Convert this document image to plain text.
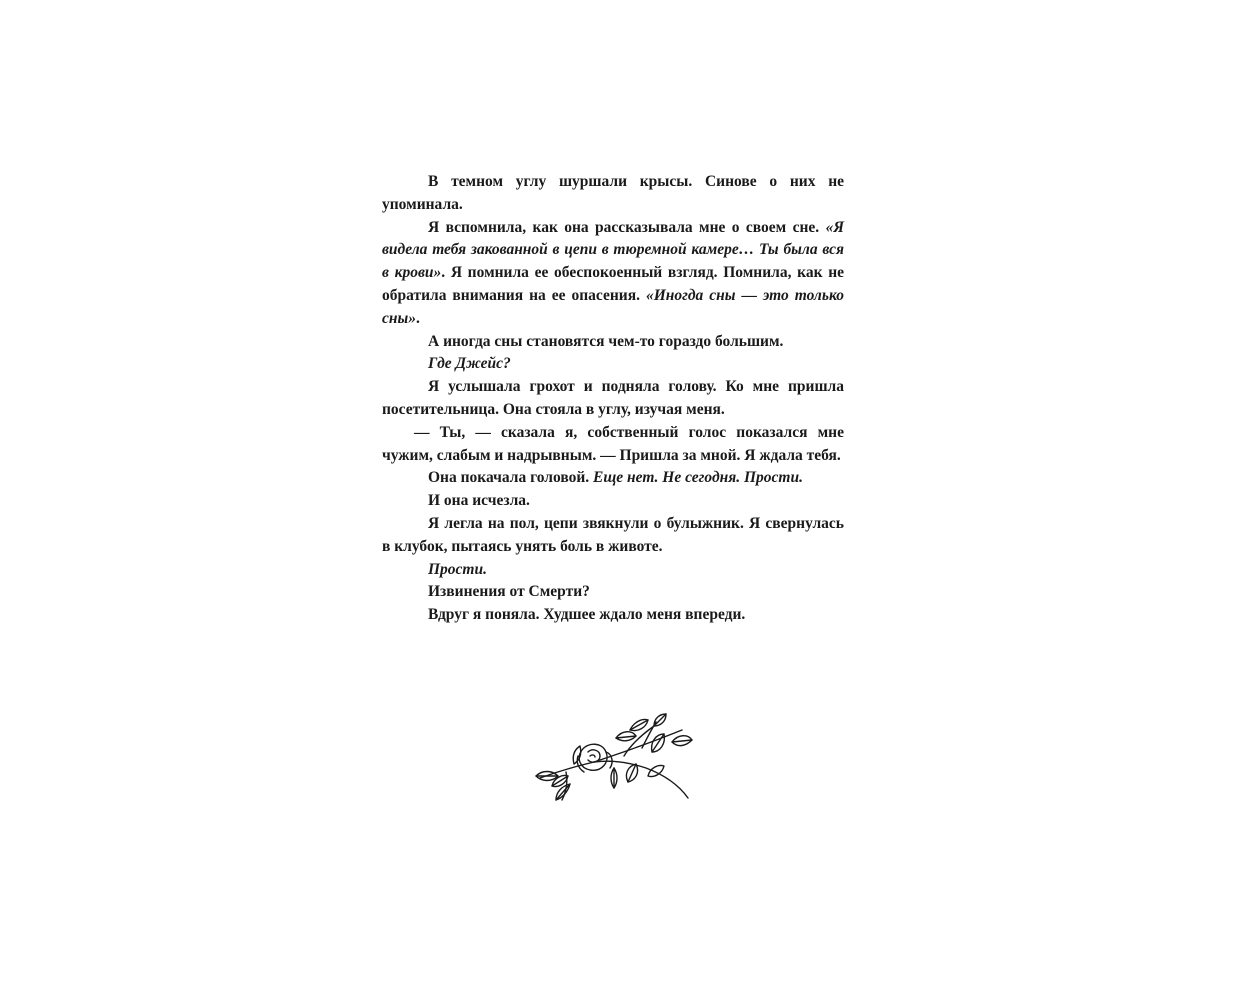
В темном углу шуршали крысы. Синове о них не упоминала.

Я вспомнила, как она рассказывала мне о своем сне. «Я видела тебя закованной в цепи в тюремной камере… Ты была вся в крови». Я помнила ее обеспокоенный взгляд. Помнила, как не обратила внимания на ее опасения. «Иногда сны — это только сны».

А иногда сны становятся чем-то гораздо большим.

Где Джейс?

Я услышала грохот и подняла голову. Ко мне пришла посетительница. Она стояла в углу, изучая меня.

— Ты, — сказала я, собственный голос показался мне чужим, слабым и надрывным. — Пришла за мной. Я ждала тебя.

Она покачала головой. Еще нет. Не сегодня. Прости.

И она исчезла.

Я легла на пол, цепи звякнули о булыжник. Я свернулась в клубок, пытаясь унять боль в животе.

Прости.

Извинения от Смерти?

Вдруг я поняла. Худшее ждало меня впереди.
